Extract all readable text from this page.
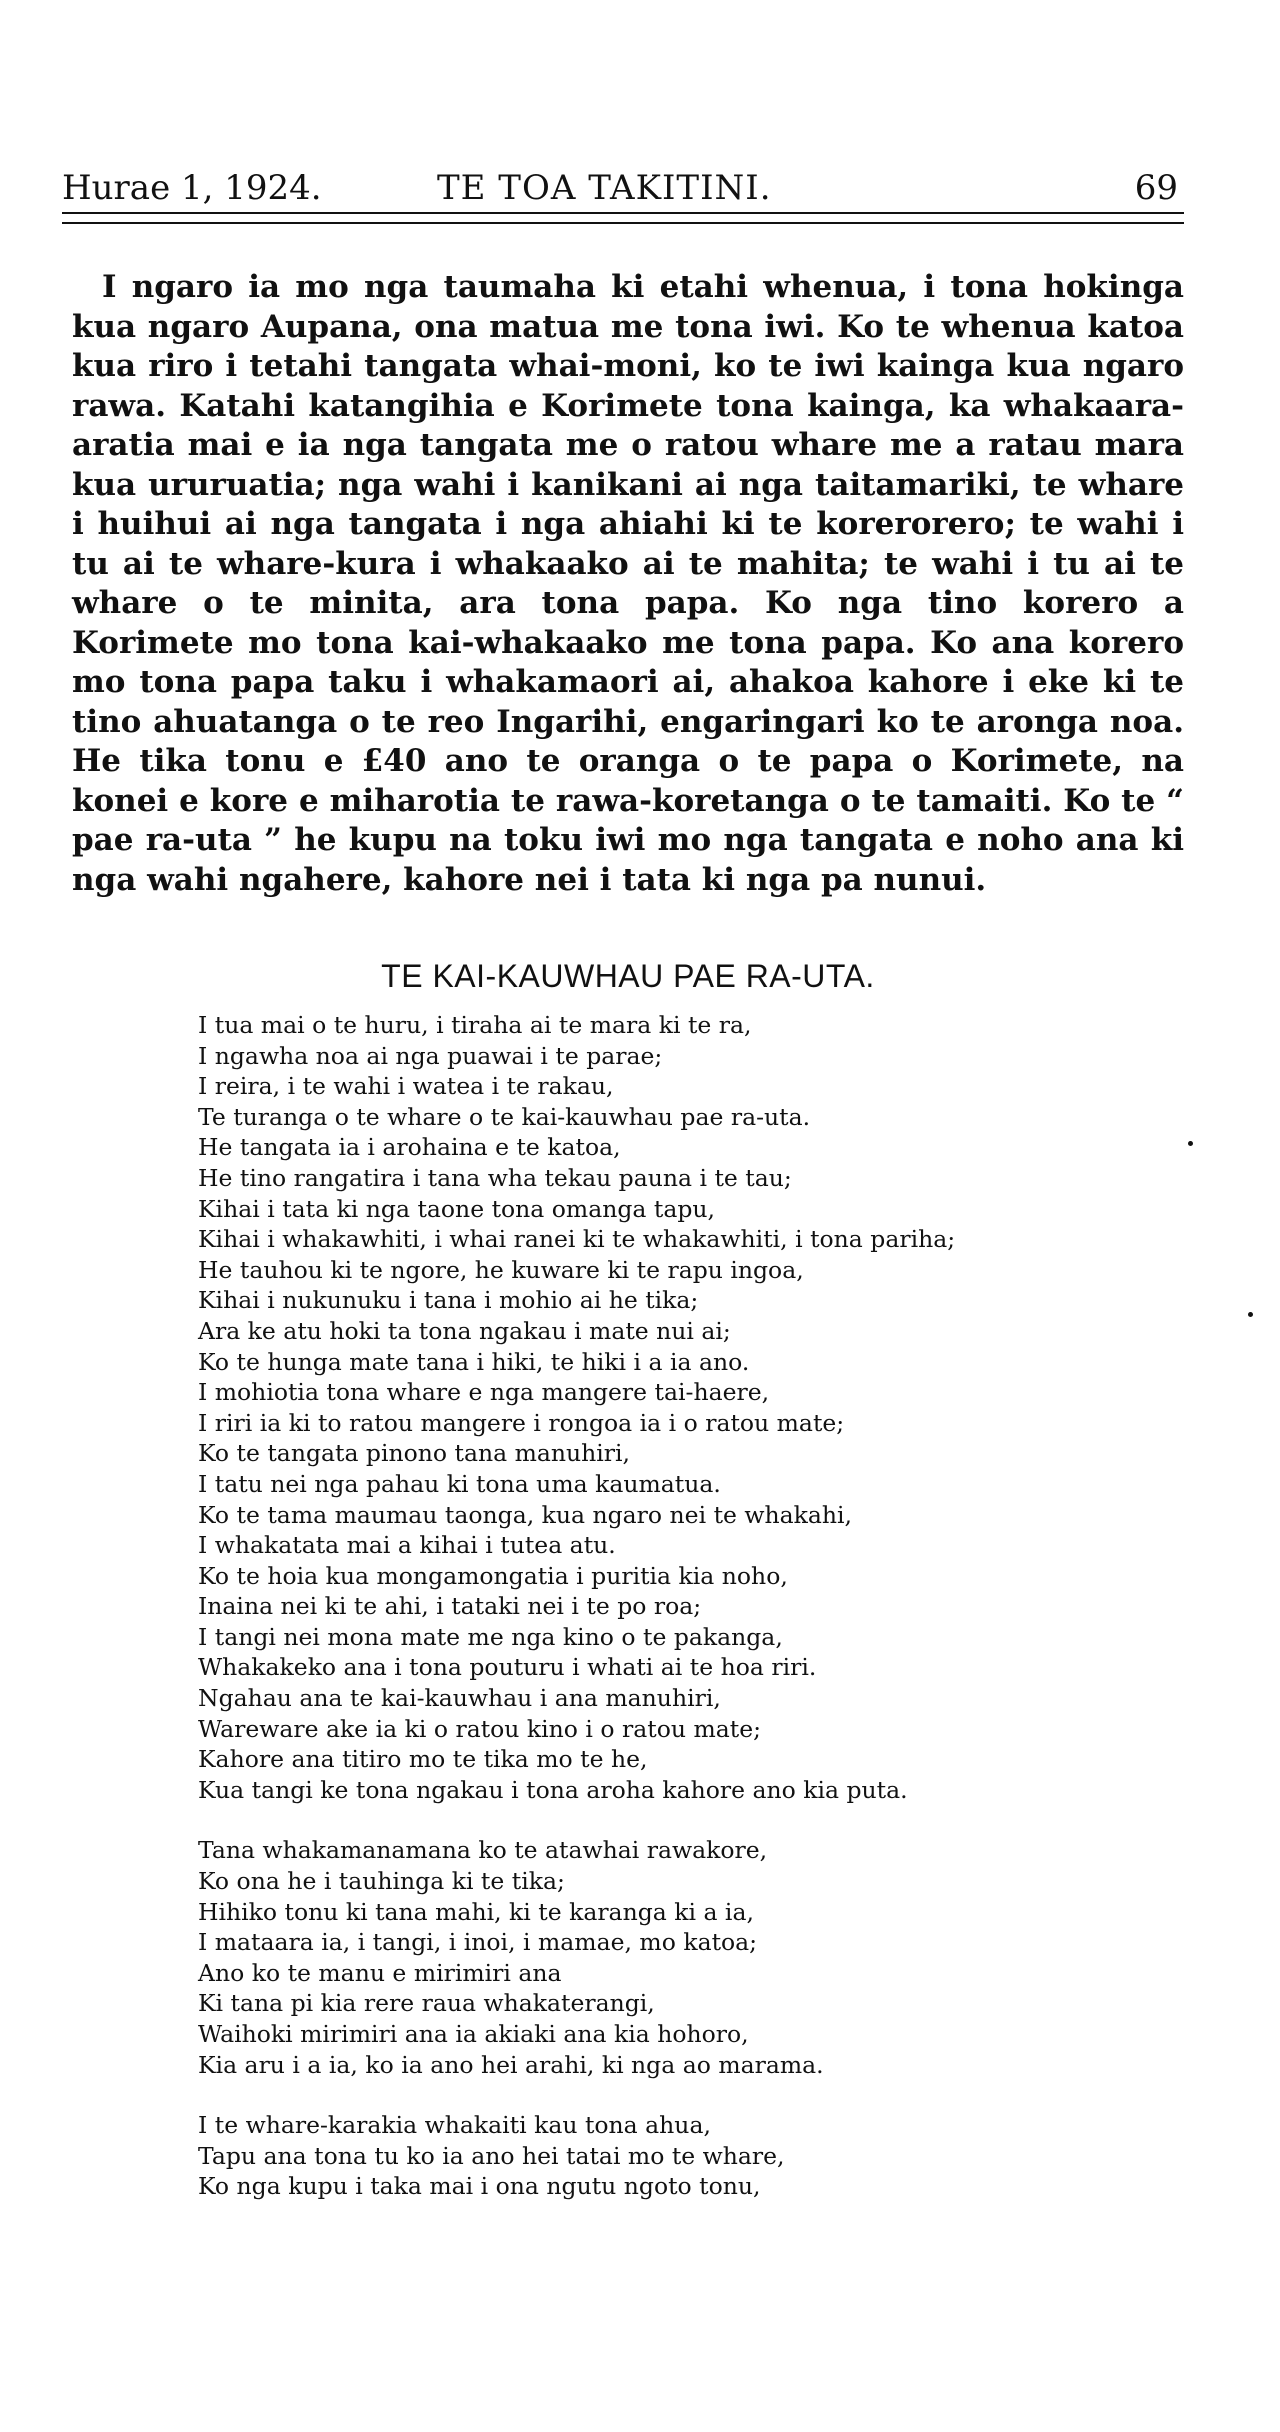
Hurae 1, 1924.	TE TOA TAKITINI.	69

I ngaro ia mo nga taumaha ki etahi whenua, i tona hokinga kua ngaro Aupana, ona matua me tona iwi. Ko te whenua katoa kua riro i tetahi tangata whai-moni, ko te iwi kainga kua ngaro rawa. Katahi katangihia e Korimete tona kainga, ka whakaara-aratia mai e ia nga tangata me o ratou whare me a ratau mara kua ururuatia; nga wahi i kanikani ai nga taitamariki, te whare i huihui ai nga tangata i nga ahiahi ki te korerorero; te wahi i tu ai te whare-kura i whakaako ai te mahita; te wahi i tu ai te whare o te minita, ara tona papa. Ko nga tino korero a Korimete mo tona kai-whakaako me tona papa. Ko ana korero mo tona papa taku i whakamaori ai, ahakoa kahore i eke ki te tino ahuatanga o te reo Ingarihi, engaringari ko te aronga noa. He tika tonu e £40 ano te oranga o te papa o Korimete, na konei e kore e miharotia te rawa-koretanga o te tamaiti. Ko te “ pae ra-uta ” he kupu na toku iwi mo nga tangata e noho ana ki nga wahi ngahere, kahore nei i tata ki nga pa nunui.

TE KAI-KAUWHAU PAE RA-UTA.
I tua mai o te huru, i tiraha ai te mara ki te ra,
I ngawha noa ai nga puawai i te parae;
I reira, i te wahi i watea i te rakau,
Te turanga o te whare o te kai-kauwhau pae ra-uta.
He tangata ia i arohaina e te katoa,
He tino rangatira i tana wha tekau pauna i te tau;
Kihai i tata ki nga taone tona omanga tapu,
Kihai i whakawhiti, i whai ranei ki te whakawhiti, i tona pariha;
He tauhou ki te ngore, he kuware ki te rapu ingoa,
Kihai i nukunuku i tana i mohio ai he tika;
Ara ke atu hoki ta tona ngakau i mate nui ai;
Ko te hunga mate tana i hiki, te hiki i a ia ano.
I mohiotia tona whare e nga mangere tai-haere,
I riri ia ki to ratou mangere i rongoa ia i o ratou mate;
Ko te tangata pinono tana manuhiri,
I tatu nei nga pahau ki tona uma kaumatua.
Ko te tama maumau taonga, kua ngaro nei te whakahi,
I whakatata mai a kihai i tutea atu.
Ko te hoia kua mongamongatia i puritia kia noho,
Inaina nei ki te ahi, i tataki nei i te po roa;
I tangi nei mona mate me nga kino o te pakanga,
Whakakeko ana i tona pouturu i whati ai te hoa riri.
Ngahau ana te kai-kauwhau i ana manuhiri,
Wareware ake ia ki o ratou kino i o ratou mate;
Kahore ana titiro mo te tika mo te he,
Kua tangi ke tona ngakau i tona aroha kahore ano kia puta.
Tana whakamanamana ko te atawhai rawakore,
Ko ona he i tauhinga ki te tika;
Hihiko tonu ki tana mahi, ki te karanga ki a ia,
I mataara ia, i tangi, i inoi, i mamae, mo katoa;
Ano ko te manu e mirimiri ana
Ki tana pi kia rere raua whakaterangi,
Waihoki mirimiri ana ia akiaki ana kia hohoro,
Kia aru i a ia, ko ia ano hei arahi, ki nga ao marama.
I te whare-karakia whakaiti kau tona ahua,
Tapu ana tona tu ko ia ano hei tatai mo te whare,
Ko nga kupu i taka mai i ona ngutu ngoto tonu,
